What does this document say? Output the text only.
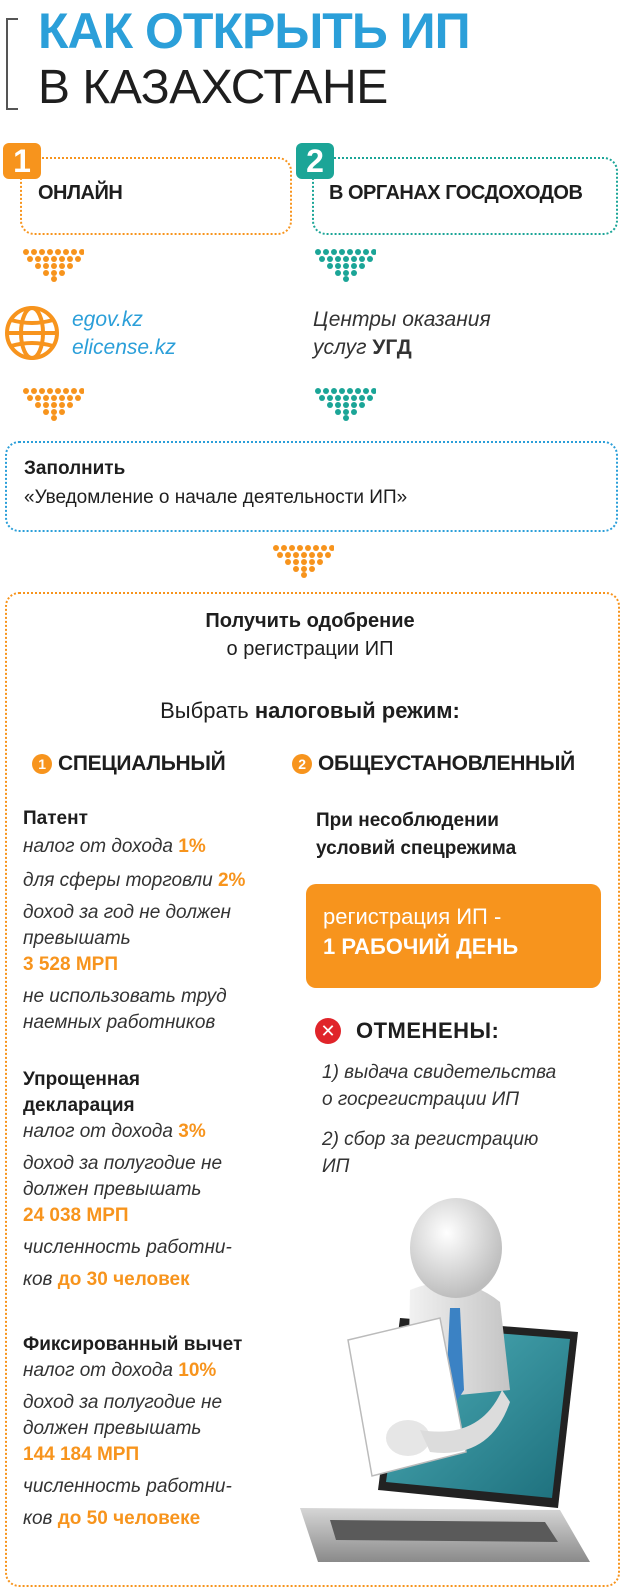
КАК ОТКРЫТЬ ИП
В КАЗАХСТАНЕ
1
ОНЛАЙН
2
В ОРГАНАХ ГОСДОХОДОВ
egov.kz
elicense.kz
Центры оказания
услуг УГД
Заполнить
«Уведомление о начале деятельности ИП»
Получить одобрение
о регистрации ИП
Выбрать налоговый режим:
1 СПЕЦИАЛЬНЫЙ	2 ОБЩЕУСТАНОВЛЕННЫЙ
Патент
налог от дохода 1%
для сферы торговли 2%
доход за год не должен
превышать
3 528 МРП
не использовать труд
наемных работников
Упрощенная
декларация
налог от дохода 3%
доход за полугодие не
должен превышать
24 038 МРП
численность работни-
ков до 30 человек
Фиксированный вычет
налог от дохода 10%
доход за полугодие не
должен превышать
144 184 МРП
численность работни-
ков до 50 человеке
При несоблюдении
условий спецрежима
регистрация ИП -
1 РАБОЧИЙ ДЕНЬ
✕ ОТМЕНЕНЫ:
1) выдача свидетельства
о госрегистрации ИП
2) сбор за регистрацию
ИП
